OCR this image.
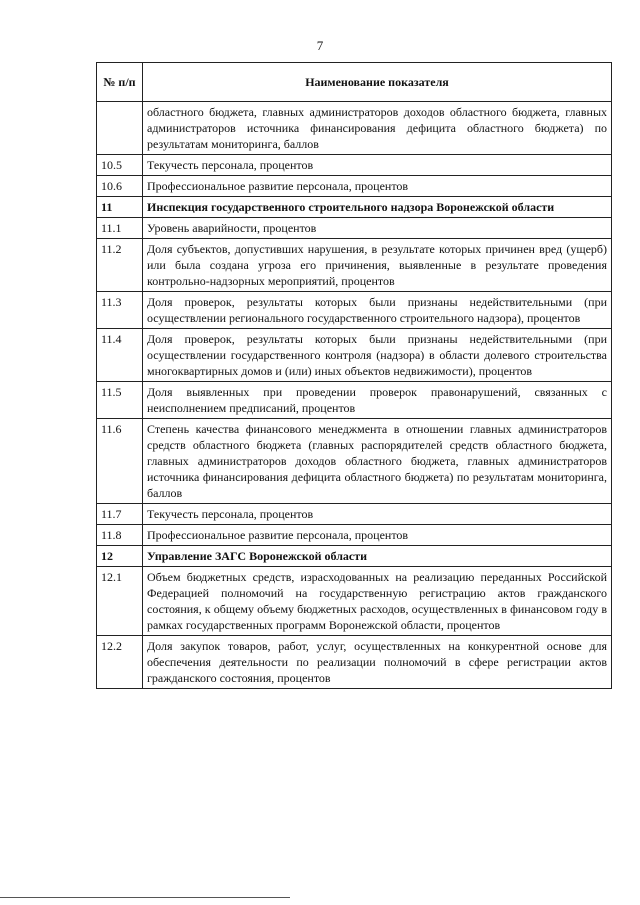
7
№ п/п	Наименование показателя
	областного бюджета, главных администраторов доходов областного бюджета, главных администраторов источника финансирования дефицита областного бюджета) по результатам мониторинга, баллов
10.5	Текучесть персонала, процентов
10.6	Профессиональное развитие персонала, процентов
11	Инспекция государственного строительного надзора Воронежской области
11.1	Уровень аварийности, процентов
11.2	Доля субъектов, допустивших нарушения, в результате которых причинен вред (ущерб) или была создана угроза его причинения, выявленные в результате проведения контрольно-надзорных мероприятий, процентов
11.3	Доля проверок, результаты которых были признаны недействительными (при осуществлении регионального государственного строительного надзора), процентов
11.4	Доля проверок, результаты которых были признаны недействительными (при осуществлении государственного контроля (надзора) в области долевого строительства многоквартирных домов и (или) иных объектов недвижимости), процентов
11.5	Доля выявленных при проведении проверок правонарушений, связанных с неисполнением предписаний, процентов
11.6	Степень качества финансового менеджмента в отношении главных администраторов средств областного бюджета (главных распорядителей средств областного бюджета, главных администраторов доходов областного бюджета, главных администраторов источника финансирования дефицита областного бюджета) по результатам мониторинга, баллов
11.7	Текучесть персонала, процентов
11.8	Профессиональное развитие персонала, процентов
12	Управление ЗАГС Воронежской области
12.1	Объем бюджетных средств, израсходованных на реализацию переданных Российской Федерацией полномочий на государственную регистрацию актов гражданского состояния, к общему объему бюджетных расходов, осуществленных в финансовом году в рамках государственных программ Воронежской области, процентов
12.2	Доля закупок товаров, работ, услуг, осуществленных на конкурентной основе для обеспечения деятельности по реализации полномочий в сфере регистрации актов гражданского состояния, процентов
